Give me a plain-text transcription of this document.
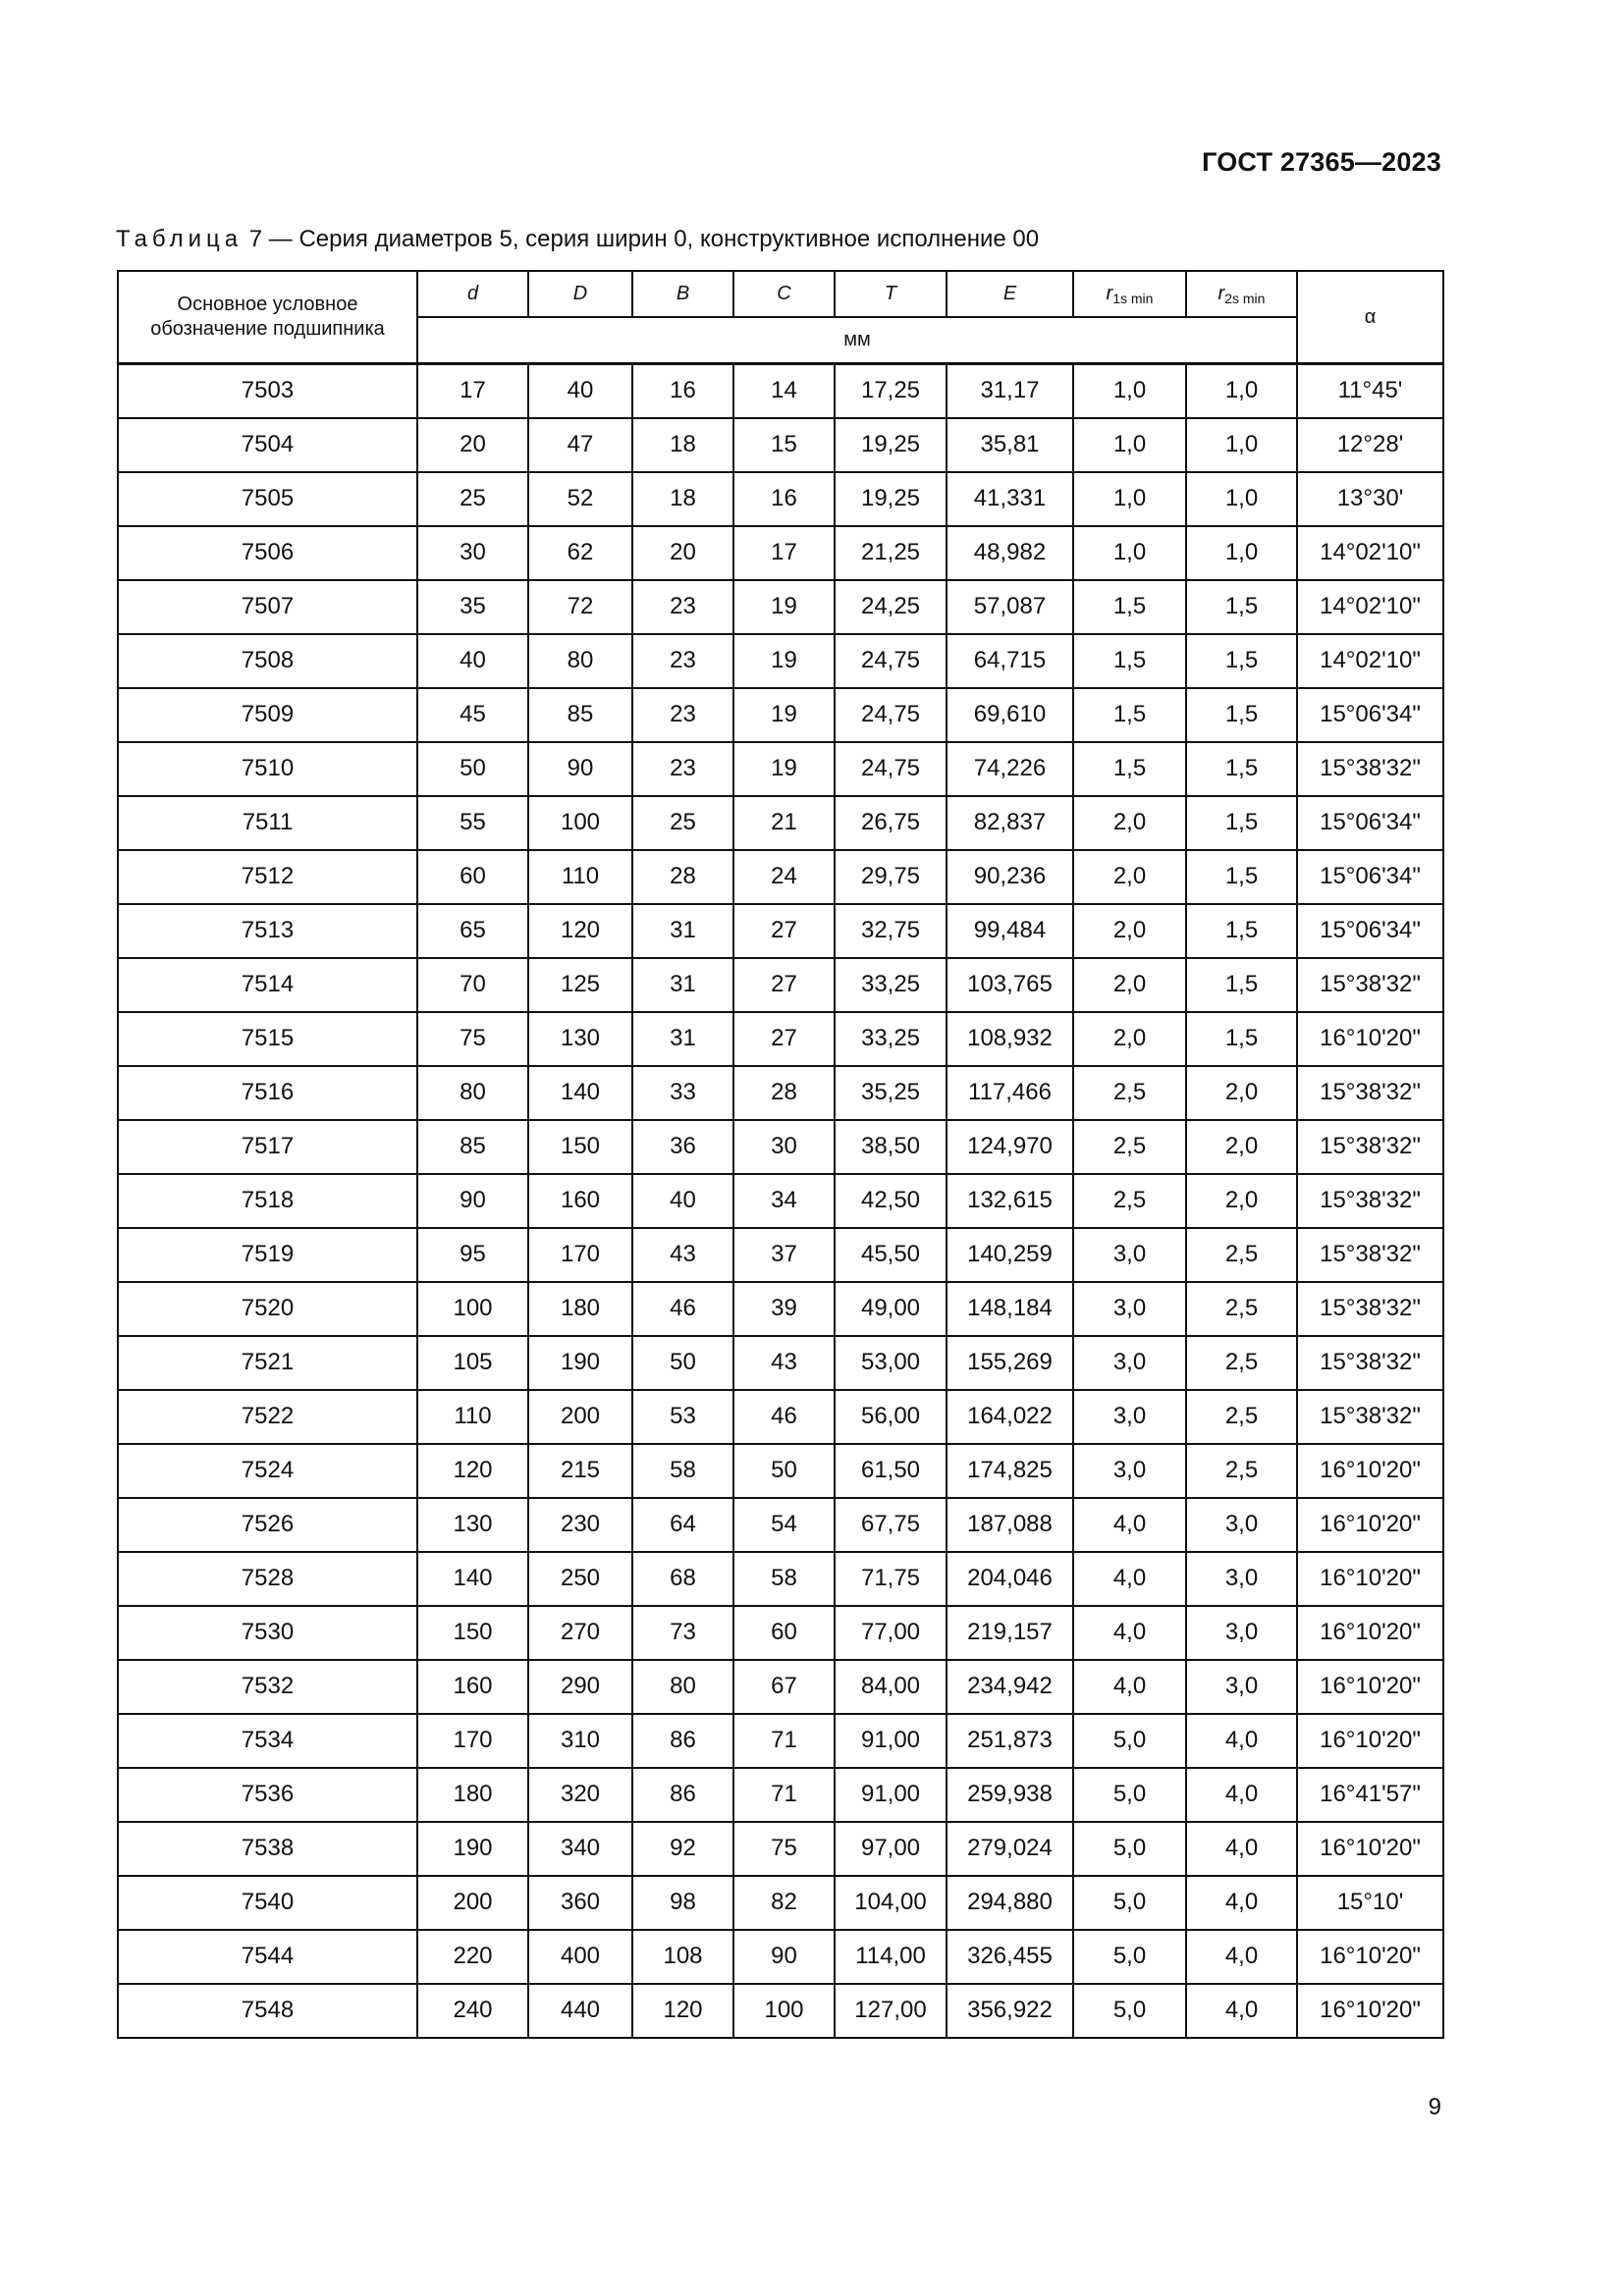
ГОСТ 27365—2023
Таблица 7 — Серия диаметров 5, серия ширин 0, конструктивное исполнение 00
Основное условное обозначение подшипника	d	D	B	C	T	E	$r_{1s min}$	$r_{2s min}$	α
	мм								
7503	17	40	16	14	17,25	31,17	1,0	1,0	11°45'
7504	20	47	18	15	19,25	35,81	1,0	1,0	12°28'
7505	25	52	18	16	19,25	41,331	1,0	1,0	13°30'
7506	30	62	20	17	21,25	48,982	1,0	1,0	14°02'10"
7507	35	72	23	19	24,25	57,087	1,5	1,5	14°02'10"
7508	40	80	23	19	24,75	64,715	1,5	1,5	14°02'10"
7509	45	85	23	19	24,75	69,610	1,5	1,5	15°06'34"
7510	50	90	23	19	24,75	74,226	1,5	1,5	15°38'32"
7511	55	100	25	21	26,75	82,837	2,0	1,5	15°06'34"
7512	60	110	28	24	29,75	90,236	2,0	1,5	15°06'34"
7513	65	120	31	27	32,75	99,484	2,0	1,5	15°06'34"
7514	70	125	31	27	33,25	103,765	2,0	1,5	15°38'32"
7515	75	130	31	27	33,25	108,932	2,0	1,5	16°10'20"
7516	80	140	33	28	35,25	117,466	2,5	2,0	15°38'32"
7517	85	150	36	30	38,50	124,970	2,5	2,0	15°38'32"
7518	90	160	40	34	42,50	132,615	2,5	2,0	15°38'32"
7519	95	170	43	37	45,50	140,259	3,0	2,5	15°38'32"
7520	100	180	46	39	49,00	148,184	3,0	2,5	15°38'32"
7521	105	190	50	43	53,00	155,269	3,0	2,5	15°38'32"
7522	110	200	53	46	56,00	164,022	3,0	2,5	15°38'32"
7524	120	215	58	50	61,50	174,825	3,0	2,5	16°10'20"
7526	130	230	64	54	67,75	187,088	4,0	3,0	16°10'20"
7528	140	250	68	58	71,75	204,046	4,0	3,0	16°10'20"
7530	150	270	73	60	77,00	219,157	4,0	3,0	16°10'20"
7532	160	290	80	67	84,00	234,942	4,0	3,0	16°10'20"
7534	170	310	86	71	91,00	251,873	5,0	4,0	16°10'20"
7536	180	320	86	71	91,00	259,938	5,0	4,0	16°41'57"
7538	190	340	92	75	97,00	279,024	5,0	4,0	16°10'20"
7540	200	360	98	82	104,00	294,880	5,0	4,0	15°10'
7544	220	400	108	90	114,00	326,455	5,0	4,0	16°10'20"
7548	240	440	120	100	127,00	356,922	5,0	4,0	16°10'20"
9
